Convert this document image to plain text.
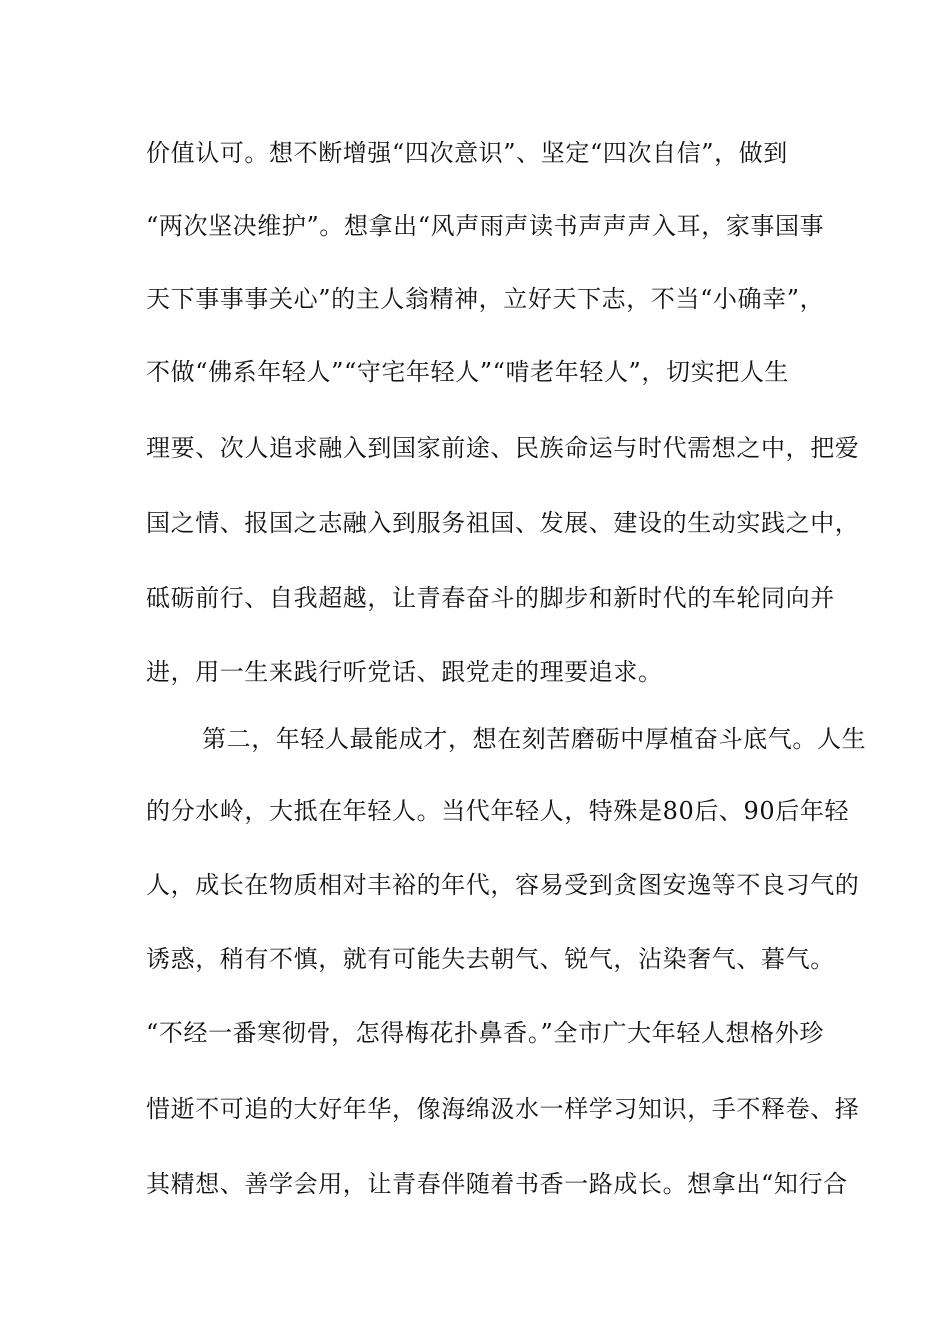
价值认可。想不断增强“四次意识”、坚定“四次自信”，做到
“两次坚决维护”。想拿出“风声雨声读书声声声入耳，家事国事
天下事事事关心”的主人翁精神，立好天下志，不当“小确幸”，
不做“佛系年轻人”“守宅年轻人”“啃老年轻人”，切实把人生
理要、次人追求融入到国家前途、民族命运与时代需想之中，把爱
国之情、报国之志融入到服务祖国、发展、建设的生动实践之中，
砥砺前行、自我超越，让青春奋斗的脚步和新时代的车轮同向并
进，用一生来践行听党话、跟党走的理要追求。
第二，年轻人最能成才，想在刻苦磨砺中厚植奋斗底气。人生
的分水岭，大抵在年轻人。当代年轻人，特殊是80后、90后年轻
人，成长在物质相对丰裕的年代，容易受到贪图安逸等不良习气的
诱惑，稍有不慎，就有可能失去朝气、锐气，沾染奢气、暮气。
“不经一番寒彻骨，怎得梅花扑鼻香。”全市广大年轻人想格外珍
惜逝不可追的大好年华，像海绵汲水一样学习知识，手不释卷、择
其精想、善学会用，让青春伴随着书香一路成长。想拿出“知行合
